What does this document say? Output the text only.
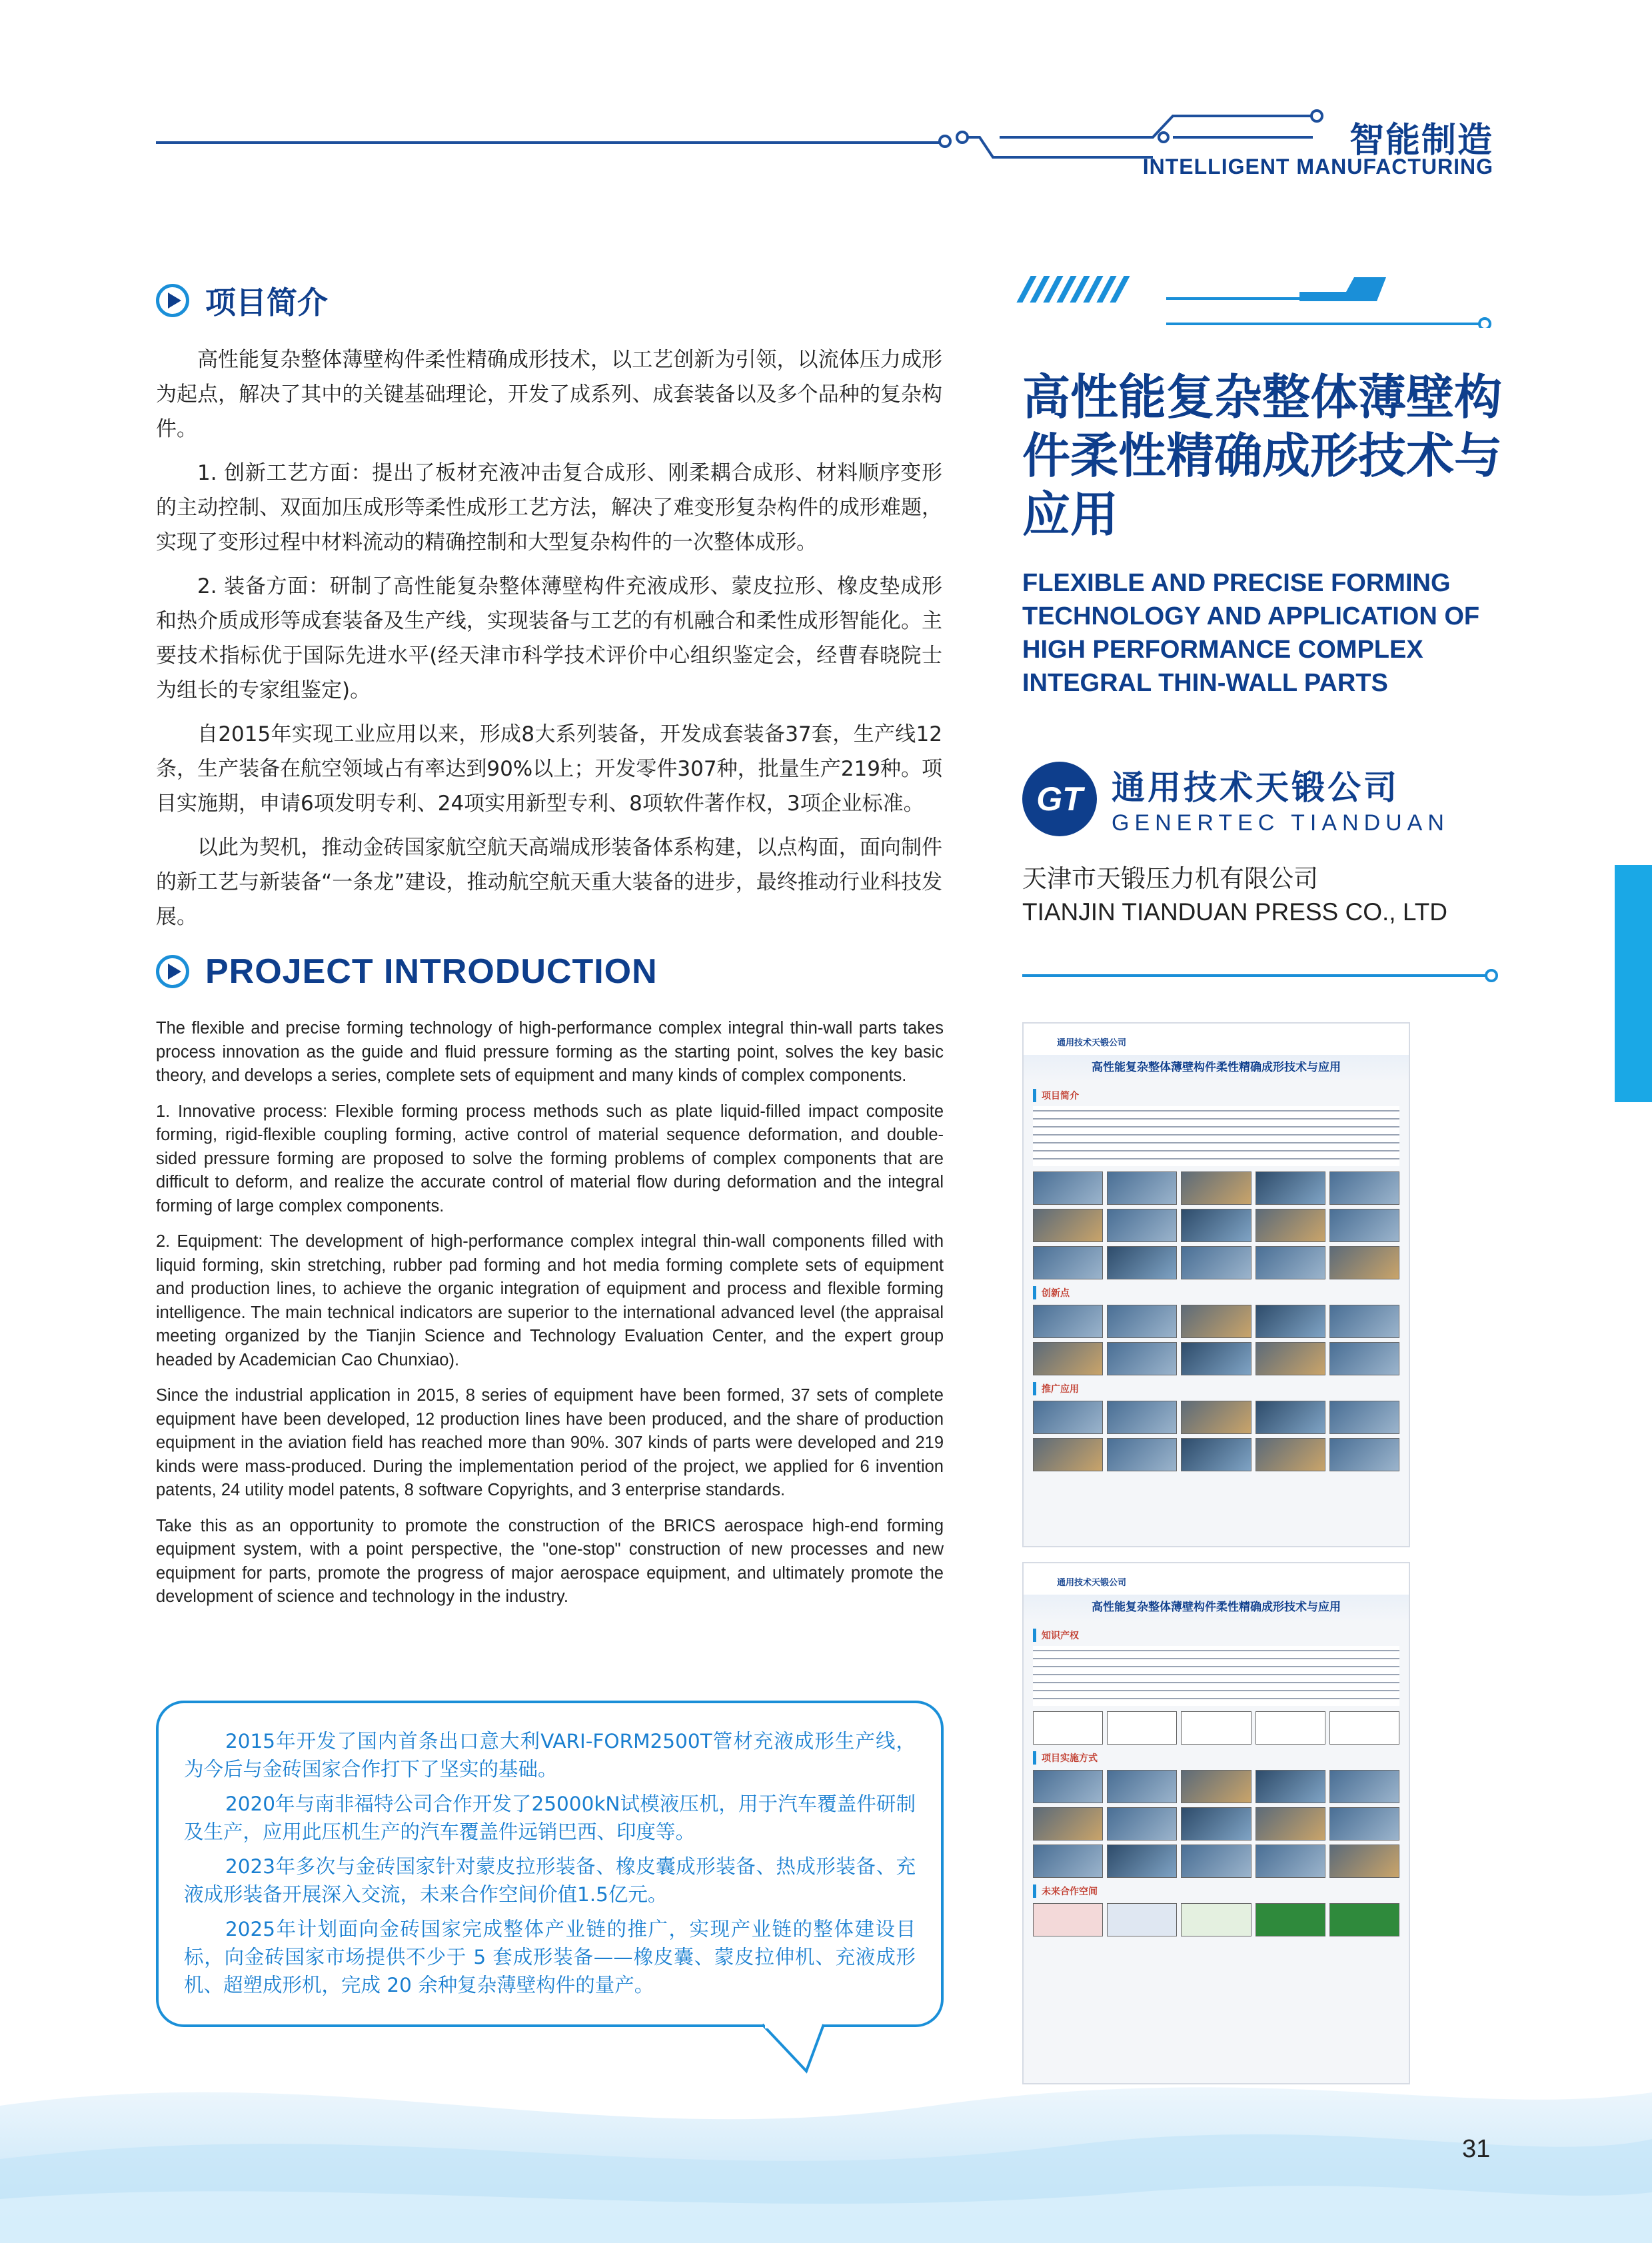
智能制造
INTELLIGENT MANUFACTURING
项目简介

高性能复杂整体薄壁构件柔性精确成形技术，以工艺创新为引领，以流体压力成形为起点，解决了其中的关键基础理论，开发了成系列、成套装备以及多个品种的复杂构件。

1. 创新工艺方面：提出了板材充液冲击复合成形、刚柔耦合成形、材料顺序变形的主动控制、双面加压成形等柔性成形工艺方法，解决了难变形复杂构件的成形难题，实现了变形过程中材料流动的精确控制和大型复杂构件的一次整体成形。

2. 装备方面：研制了高性能复杂整体薄壁构件充液成形、蒙皮拉形、橡皮垫成形和热介质成形等成套装备及生产线，实现装备与工艺的有机融合和柔性成形智能化。主要技术指标优于国际先进水平(经天津市科学技术评价中心组织鉴定会，经曹春晓院士为组长的专家组鉴定)。

自2015年实现工业应用以来，形成8大系列装备，开发成套装备37套，生产线12条，生产装备在航空领域占有率达到90%以上；开发零件307种，批量生产219种。项目实施期，申请6项发明专利、24项实用新型专利、8项软件著作权，3项企业标准。

以此为契机，推动金砖国家航空航天高端成形装备体系构建，以点构面，面向制件的新工艺与新装备“一条龙”建设，推动航空航天重大装备的进步，最终推动行业科技发展。

PROJECT INTRODUCTION

The flexible and precise forming technology of high-performance complex integral thin-wall parts takes process innovation as the guide and fluid pressure forming as the starting point, solves the key basic theory, and develops a series, complete sets of equipment and many kinds of complex components.

1. Innovative process: Flexible forming process methods such as plate liquid-filled impact composite forming, rigid-flexible coupling forming, active control of material sequence deformation, and double-sided pressure forming are proposed to solve the forming problems of complex components that are difficult to deform, and realize the accurate control of material flow during deformation and the integral forming of large complex components.

2. Equipment: The development of high-performance complex integral thin-wall components filled with liquid forming, skin stretching, rubber pad forming and hot media forming complete sets of equipment and production lines, to achieve the organic integration of equipment and process and flexible forming intelligence. The main technical indicators are superior to the international advanced level (the appraisal meeting organized by the Tianjin Science and Technology Evaluation Center, and the expert group headed by Academician Cao Chunxiao).

Since the industrial application in 2015, 8 series of equipment have been formed, 37 sets of complete equipment have been developed, 12 production lines have been produced, and the share of production equipment in the aviation field has reached more than 90%. 307 kinds of parts were developed and 219 kinds were mass-produced. During the implementation period of the project, we applied for 6 invention patents, 24 utility model patents, 8 software Copyrights, and 3 enterprise standards.

Take this as an opportunity to promote the construction of the BRICS aerospace high-end forming equipment system, with a point perspective, the "one-stop" construction of new processes and new equipment for parts, promote the progress of major aerospace equipment, and ultimately promote the development of science and technology in the industry.

2015年开发了国内首条出口意大利VARI-FORM2500T管材充液成形生产线，为今后与金砖国家合作打下了坚实的基础。

2020年与南非福特公司合作开发了25000kN试模液压机，用于汽车覆盖件研制及生产，应用此压机生产的汽车覆盖件远销巴西、印度等。

2023年多次与金砖国家针对蒙皮拉形装备、橡皮囊成形装备、热成形装备、充液成形装备开展深入交流，未来合作空间价值1.5亿元。

2025年计划面向金砖国家完成整体产业链的推广，实现产业链的整体建设目标，向金砖国家市场提供不少于 5 套成形装备——橡皮囊、蒙皮拉伸机、充液成形机、超塑成形机，完成 20 余种复杂薄壁构件的量产。

高性能复杂整体薄壁构件柔性精确成形技术与应用
FLEXIBLE AND PRECISE FORMING TECHNOLOGY AND APPLICATION OF HIGH PERFORMANCE COMPLEX INTEGRAL THIN-WALL PARTS
GT 通用技术天锻公司
GENERTEC TIANDUAN
天津市天锻压力机有限公司
TIANJIN TIANDUAN PRESS CO., LTD
通用技术天锻公司
高性能复杂整体薄壁构件柔性精确成形技术与应用
项目简介
创新点
推广应用
通用技术天锻公司
高性能复杂整体薄壁构件柔性精确成形技术与应用
知识产权
项目实施方式
未来合作空间
31
